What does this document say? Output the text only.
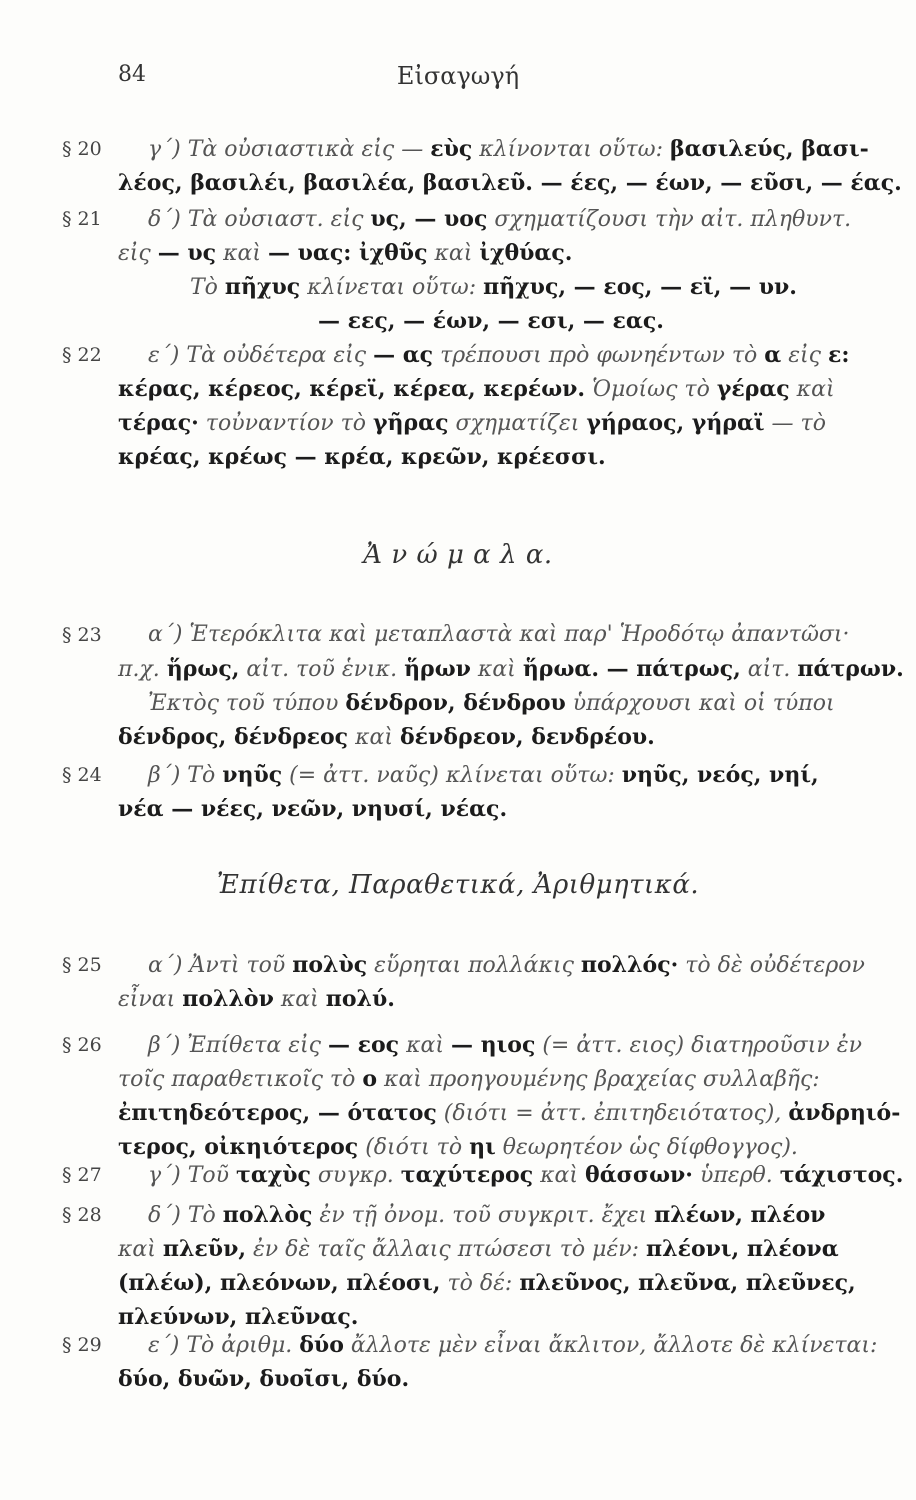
84	Εἰσαγωγή
§ 20	γ΄) Τὰ οὐσιαστικὰ εἰς — εὺς κλίνονται οὕτω: βασιλεύς, βασι-
λέος, βασιλέι, βασιλέα, βασιλεῦ. — έες, — έων, — εῦσι, — έας.
§ 21	δ΄) Τὰ οὐσιαστ. εἰς υς, — υος σχηματίζουσι τὴν αἰτ. πληθυντ.
εἰς — υς καὶ — υας: ἰχθῦς καὶ ἰχθύας.
Τὸ πῆχυς κλίνεται οὕτω: πῆχυς, — εος, — εϊ, — υν.
— εες, — έων, — εσι, — εας.
§ 22	ε΄) Τὰ οὐδέτερα εἰς — ας τρέπουσι πρὸ φωνηέντων τὸ α εἰς ε:
κέρας, κέρεος, κέρεϊ, κέρεα, κερέων. Ὁμοίως τὸ γέρας καὶ
τέρας· τοὐναντίον τὸ γῆρας σχηματίζει γήραος, γήραϊ — τὸ
κρέας, κρέως — κρέα, κρεῶν, κρέεσσι.
Ἀ ν ώ μ α λ α.
§ 23	α΄) Ἑτερόκλιτα καὶ μεταπλαστὰ καὶ παρ' Ἡροδότῳ ἀπαντῶσι·
π.χ. ἥρως, αἰτ. τοῦ ἑνικ. ἥρων καὶ ἥρωα. — πάτρως, αἰτ. πάτρων.
Ἐκτὸς τοῦ τύπου δένδρον, δένδρου ὑπάρχουσι καὶ οἱ τύποι
δένδρος, δένδρεος καὶ δένδρεον, δενδρέου.
§ 24	β΄) Τὸ νηῦς (= ἀττ. ναῦς) κλίνεται οὕτω: νηῦς, νεός, νηί,
νέα — νέες, νεῶν, νηυσί, νέας.
Ἐπίθετα, Παραθετικά, Ἀριθμητικά.
§ 25	α΄) Ἀντὶ τοῦ πολὺς εὕρηται πολλάκις πολλός· τὸ δὲ οὐδέτερον
εἶναι πολλὸν καὶ πολύ.
§ 26	β΄) Ἐπίθετα εἰς — εος καὶ — ηιος (= ἀττ. ειος) διατηροῦσιν ἐν
τοῖς παραθετικοῖς τὸ ο καὶ προηγουμένης βραχείας συλλαβῆς:
ἐπιτηδεότερος, — ότατος (διότι = ἀττ. ἐπιτηδειότατος), ἀνδρηιό-
τερος, οἰκηιότερος (διότι τὸ ηι θεωρητέον ὡς δίφθογγος).
§ 27	γ΄) Τοῦ ταχὺς συγκρ. ταχύτερος καὶ θάσσων· ὑπερθ. τάχιστος.
§ 28	δ΄) Τὸ πολλὸς ἐν τῇ ὀνομ. τοῦ συγκριτ. ἔχει πλέων, πλέον
καὶ πλεῦν, ἐν δὲ ταῖς ἄλλαις πτώσεσι τὸ μέν: πλέονι, πλέονα
(πλέω), πλεόνων, πλέοσι, τὸ δέ: πλεῦνος, πλεῦνα, πλεῦνες,
πλεύνων, πλεῦνας.
§ 29	ε΄) Τὸ ἀριθμ. δύο ἄλλοτε μὲν εἶναι ἄκλιτον, ἄλλοτε δὲ κλίνεται:
δύο, δυῶν, δυοῖσι, δύο.
